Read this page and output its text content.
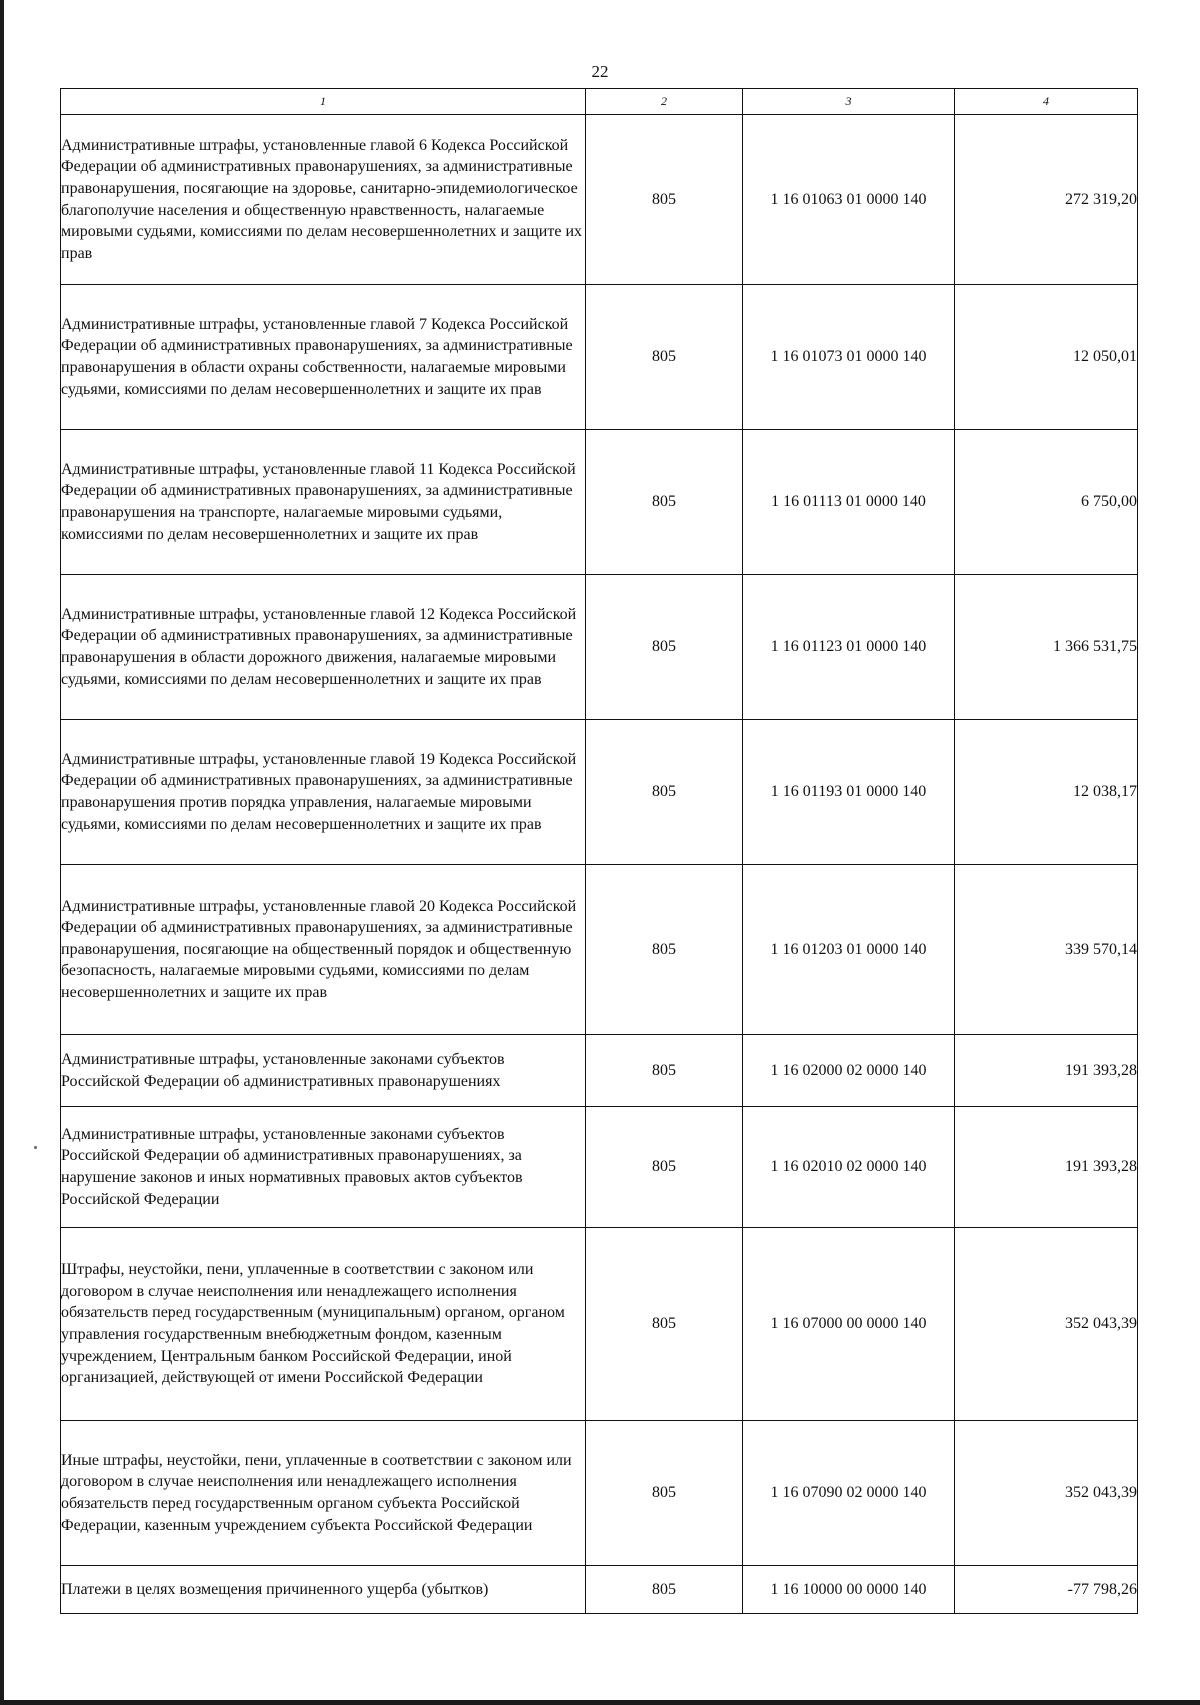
22
1	2	3	4
Административные штрафы, установленные главой 6 Кодекса Российской Федерации об административных правонарушениях, за административные правонарушения, посягающие на здоровье, санитарно-эпидемиологическое благополучие населения и общественную нравственность, налагаемые мировыми судьями, комиссиями по делам несовершеннолетних и защите их прав	805	1 16 01063 01 0000 140	272 319,20
Административные штрафы, установленные главой 7 Кодекса Российской Федерации об административных правонарушениях, за административные правонарушения в области охраны собственности, налагаемые мировыми судьями, комиссиями по делам несовершеннолетних и защите их прав	805	1 16 01073 01 0000 140	12 050,01
Административные штрафы, установленные главой 11 Кодекса Российской Федерации об административных правонарушениях, за административные правонарушения на транспорте, налагаемые мировыми судьями, комиссиями по делам несовершеннолетних и защите их прав	805	1 16 01113 01 0000 140	6 750,00
Административные штрафы, установленные главой 12 Кодекса Российской Федерации об административных правонарушениях, за административные правонарушения в области дорожного движения, налагаемые мировыми судьями, комиссиями по делам несовершеннолетних и защите их прав	805	1 16 01123 01 0000 140	1 366 531,75
Административные штрафы, установленные главой 19 Кодекса Российской Федерации об административных правонарушениях, за административные правонарушения против порядка управления, налагаемые мировыми судьями, комиссиями по делам несовершеннолетних и защите их прав	805	1 16 01193 01 0000 140	12 038,17
Административные штрафы, установленные главой 20 Кодекса Российской Федерации об административных правонарушениях, за административные правонарушения, посягающие на общественный порядок и общественную безопасность, налагаемые мировыми судьями, комиссиями по делам несовершеннолетних и защите их прав	805	1 16 01203 01 0000 140	339 570,14
Административные штрафы, установленные законами субъектов Российской Федерации об административных правонарушениях	805	1 16 02000 02 0000 140	191 393,28
Административные штрафы, установленные законами субъектов Российской Федерации об административных правонарушениях, за нарушение законов и иных нормативных правовых актов субъектов Российской Федерации	805	1 16 02010 02 0000 140	191 393,28
Штрафы, неустойки, пени, уплаченные в соответствии с законом или договором в случае неисполнения или ненадлежащего исполнения обязательств перед государственным (муниципальным) органом, органом управления государственным внебюджетным фондом, казенным учреждением, Центральным банком Российской Федерации, иной организацией, действующей от имени Российской Федерации	805	1 16 07000 00 0000 140	352 043,39
Иные штрафы, неустойки, пени, уплаченные в соответствии с законом или договором в случае неисполнения или ненадлежащего исполнения обязательств перед государственным органом субъекта Российской Федерации, казенным учреждением субъекта Российской Федерации	805	1 16 07090 02 0000 140	352 043,39
Платежи в целях возмещения причиненного ущерба (убытков)	805	1 16 10000 00 0000 140	-77 798,26
